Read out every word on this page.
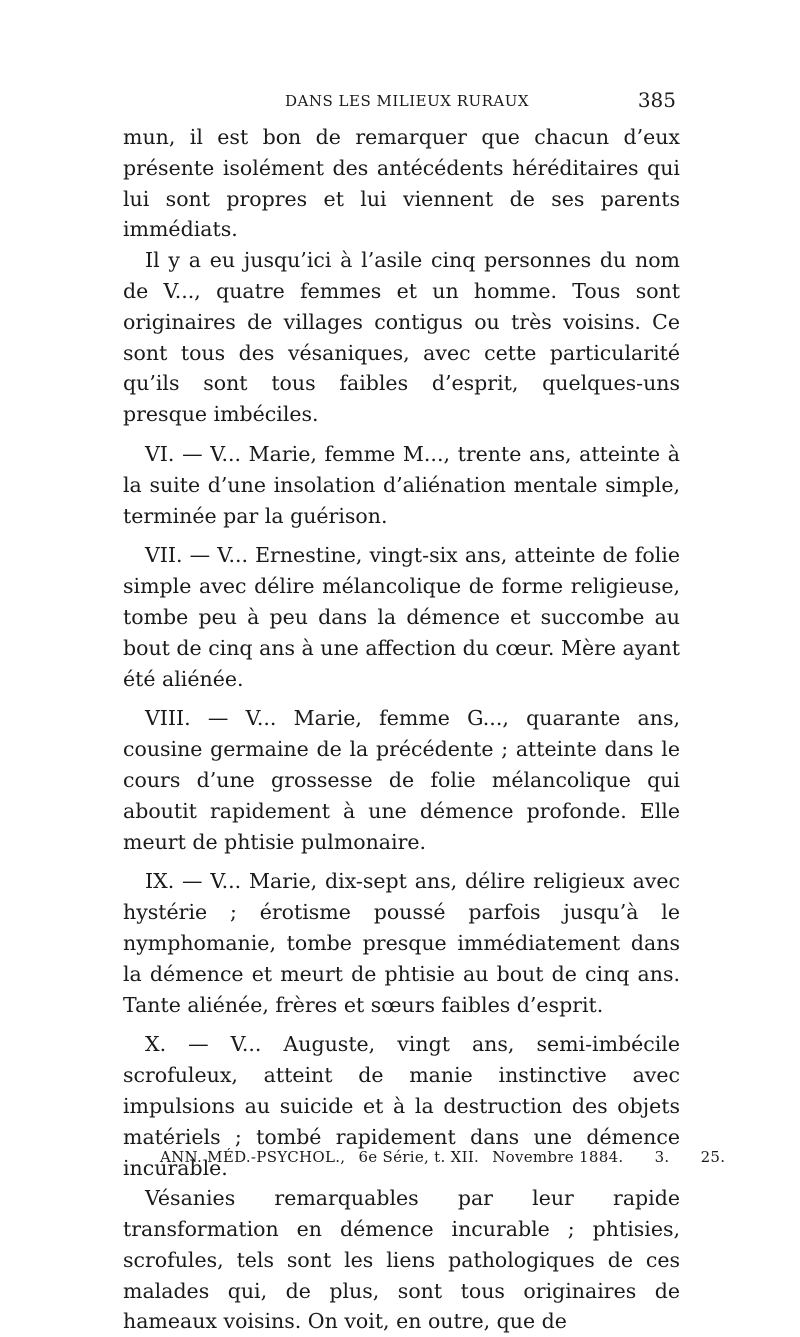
DANS LES MILIEUX RURAUX	385

mun, il est bon de remarquer que chacun d’eux présente isolément des antécédents héréditaires qui lui sont propres et lui viennent de ses parents immédiats.

Il y a eu jusqu’ici à l’asile cinq personnes du nom de V..., quatre femmes et un homme. Tous sont originaires de villages contigus ou très voisins. Ce sont tous des vésaniques, avec cette particularité qu’ils sont tous faibles d’esprit, quelques-uns presque imbéciles.

VI. — V... Marie, femme M..., trente ans, atteinte à la suite d’une insolation d’aliénation mentale simple, terminée par la guérison.

VII. — V... Ernestine, vingt-six ans, atteinte de folie simple avec délire mélancolique de forme religieuse, tombe peu à peu dans la démence et succombe au bout de cinq ans à une affection du cœur. Mère ayant été aliénée.

VIII. — V... Marie, femme G..., quarante ans, cousine germaine de la précédente ; atteinte dans le cours d’une grossesse de folie mélancolique qui aboutit rapidement à une démence profonde. Elle meurt de phtisie pulmonaire.

IX. — V... Marie, dix-sept ans, délire religieux avec hystérie ; érotisme poussé parfois jusqu’à le nymphomanie, tombe presque immédiatement dans la démence et meurt de phtisie au bout de cinq ans. Tante aliénée, frères et sœurs faibles d’esprit.

X. — V... Auguste, vingt ans, semi-imbécile scrofuleux, atteint de manie instinctive avec impulsions au suicide et à la destruction des objets matériels ; tombé rapidement dans une démence incurable.

Vésanies remarquables par leur rapide transformation en démence incurable ; phtisies, scrofules, tels sont les liens pathologiques de ces malades qui, de plus, sont tous originaires de hameaux voisins. On voit, en outre, que de

ANN. MÉD.-PSYCHOL., 6e Série, t. XII. Novembre 1884. 3. 25.
